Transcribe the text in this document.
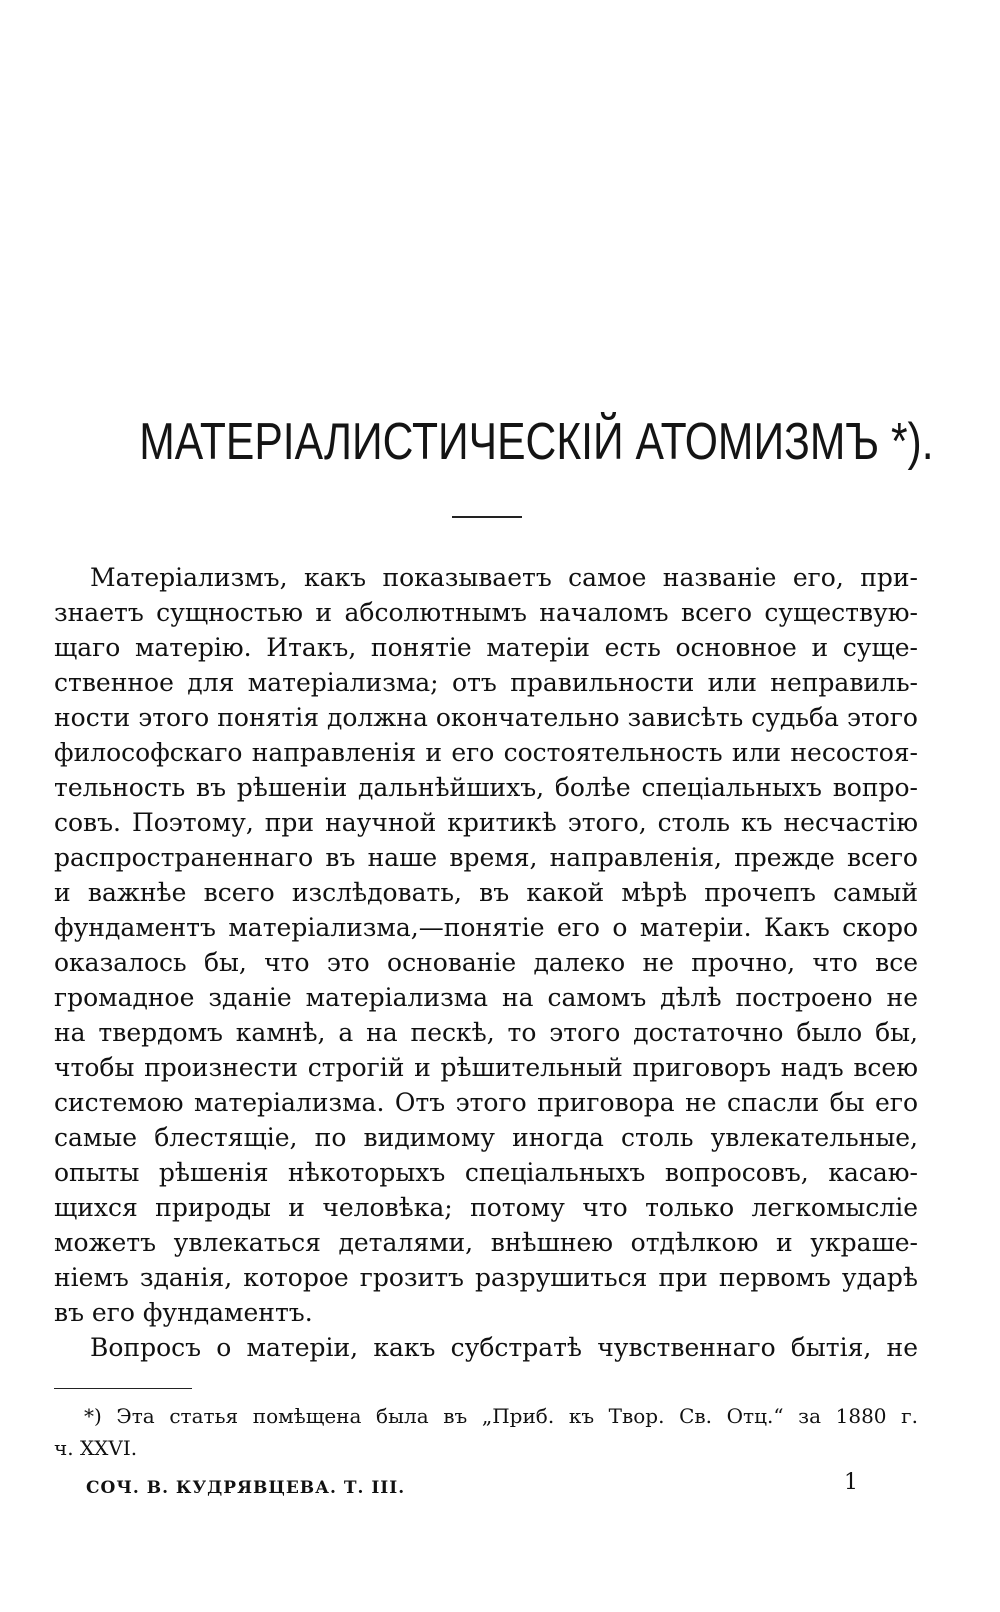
МАТЕРІАЛИСТИЧЕСКІЙ АТОМИЗМЪ *).
Матеріализмъ, какъ показываетъ самое названіе его, при-
знаетъ сущностью и абсолютнымъ началомъ всего существую-
щаго матерію. Итакъ, понятіе матеріи есть основное и суще-
ственное для матеріализма; отъ правильности или неправиль-
ности этого понятія должна окончательно зависѣть судьба этого
философскаго направленія и его состоятельность или несостоя-
тельность въ рѣшеніи дальнѣйшихъ, болѣе спеціальныхъ вопро-
совъ. Поэтому, при научной критикѣ этого, столь къ несчастію
распространеннаго въ наше время, направленія, прежде всего
и важнѣе всего изслѣдовать, въ какой мѣрѣ прочепъ самый
фундаментъ матеріализма,—понятіе его о матеріи. Какъ скоро
оказалось бы, что это основаніе далеко не прочно, что все
громадное зданіе матеріализма на самомъ дѣлѣ построено не
на твердомъ камнѣ, а на пескѣ, то этого достаточно было бы,
чтобы произнести строгій и рѣшительный приговоръ надъ всею
системою матеріализма. Отъ этого приговора не спасли бы его
самые блестящіе, по видимому иногда столь увлекательные,
опыты рѣшенія нѣкоторыхъ спеціальныхъ вопросовъ, касаю-
щихся природы и человѣка; потому что только легкомысліе
можетъ увлекаться деталями, внѣшнею отдѣлкою и украше-
ніемъ зданія, которое грозитъ разрушиться при первомъ ударѣ
въ его фундаментъ.
Вопросъ о матеріи, какъ субстратѣ чувственнаго бытія, не
*) Эта статья помѣщена была въ „Приб. къ Твор. Св. Отц.“ за 1880 г.
ч. XXVI.
СОЧ. В. КУДРЯВЦЕВА. Т. III.	1
